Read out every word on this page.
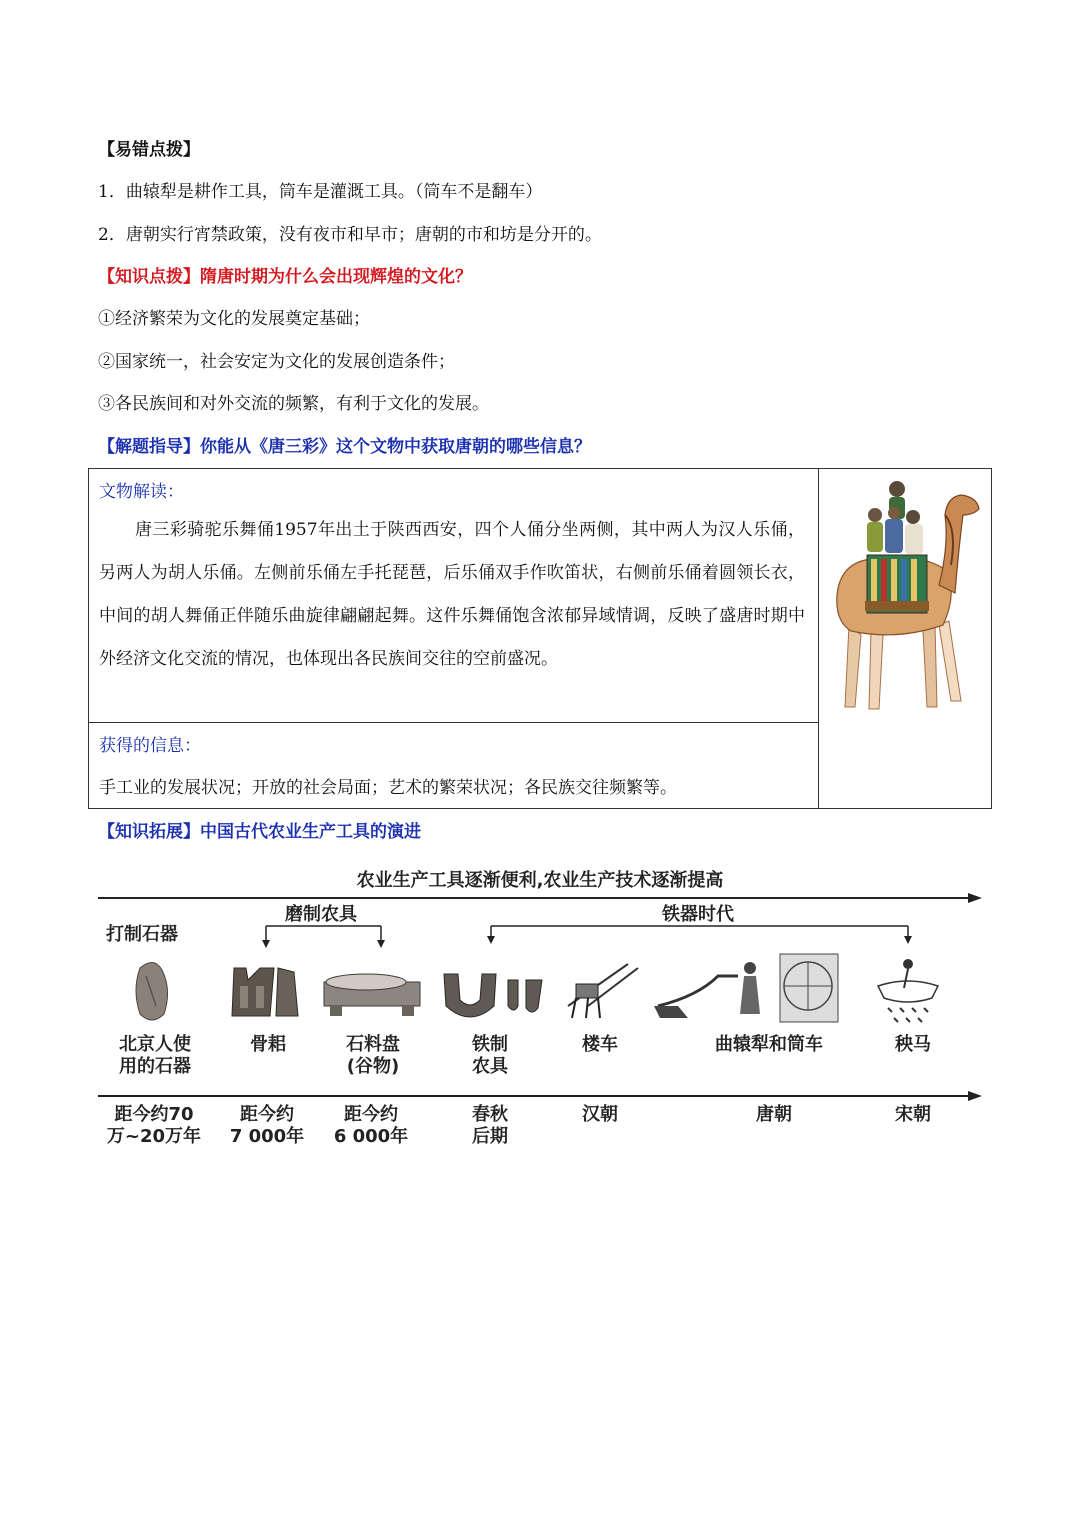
【易错点拨】
1．曲辕犁是耕作工具，筒车是灌溉工具。（筒车不是翻车）
2．唐朝实行宵禁政策，没有夜市和早市；唐朝的市和坊是分开的。
【知识点拨】隋唐时期为什么会出现辉煌的文化？
①经济繁荣为文化的发展奠定基础；
②国家统一，社会安定为文化的发展创造条件；
③各民族间和对外交流的频繁，有利于文化的发展。
【解题指导】你能从《唐三彩》这个文物中获取唐朝的哪些信息？
文物解读：
唐三彩骑驼乐舞俑1957年出土于陕西西安，四个人俑分坐两侧，其中两人为汉人乐俑，另两人为胡人乐俑。左侧前乐俑左手托琵琶，后乐俑双手作吹笛状，右侧前乐俑着圆领长衣，中间的胡人舞俑正伴随乐曲旋律翩翩起舞。这件乐舞俑饱含浓郁异域情调，反映了盛唐时期中外经济文化交流的情况，也体现出各民族间交往的空前盛况。
获得的信息：
手工业的发展状况；开放的社会局面；艺术的繁荣状况；各民族交往频繁等。
【知识拓展】中国古代农业生产工具的演进
农业生产工具逐渐便利,农业生产技术逐渐提高
打制石器
磨制农具	铁器时代
北京人使
用的石器
骨耜	石料盘
(谷物)
铁制
农具
楼车	曲辕犁和筒车	秧马
距今约70
万~20万年
距今约
7 000年
距今约
6 000年
春秋
后期
汉朝	唐朝	宋朝
